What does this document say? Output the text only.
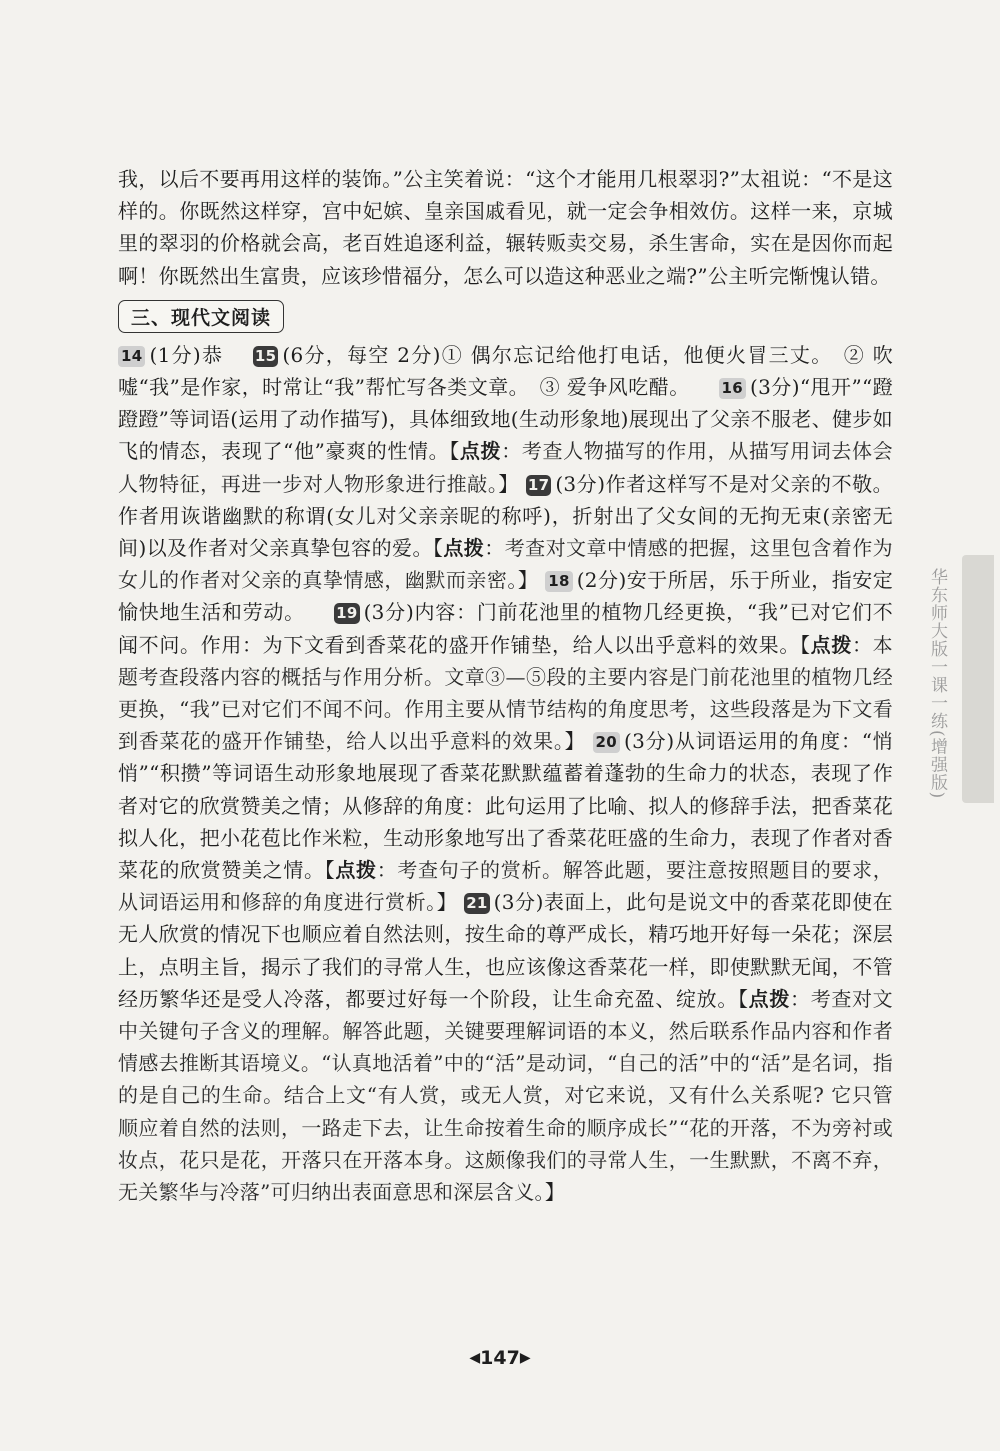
我，以后不要再用这样的装饰。”公主笑着说：“这个才能用几根翠羽?”太祖说：“不是这样的。你既然这样穿，宫中妃嫔、皇亲国戚看见，就一定会争相效仿。这样一来，京城里的翠羽的价格就会高，老百姓追逐利益，辗转贩卖交易，杀生害命，实在是因你而起啊！你既然出生富贵，应该珍惜福分，怎么可以造这种恶业之端?”公主听完惭愧认错。

三、现代文阅读

14 (1分)恭 15 (6分，每空 2分)① 偶尔忘记给他打电话，他便火冒三丈。　② 吹嘘“我”是作家，时常让“我”帮忙写各类文章。　③ 爱争风吃醋。 16 (3分)“甩开”“蹬蹬蹬”等词语(运用了动作描写)，具体细致地(生动形象地)展现出了父亲不服老、健步如飞的情态，表现了“他”豪爽的性情。【点拨：考查人物描写的作用，从描写用词去体会人物特征，再进一步对人物形象进行推敲。】 17 (3分)作者这样写不是对父亲的不敬。作者用诙谐幽默的称谓(女儿对父亲亲昵的称呼)，折射出了父女间的无拘无束(亲密无间)以及作者对父亲真挚包容的爱。【点拨：考查对文章中情感的把握，这里包含着作为女儿的作者对父亲的真挚情感，幽默而亲密。】 18 (2分)安于所居，乐于所业，指安定愉快地生活和劳动。 19 (3分)内容：门前花池里的植物几经更换，“我”已对它们不闻不问。作用：为下文看到香菜花的盛开作铺垫，给人以出乎意料的效果。【点拨：本题考查段落内容的概括与作用分析。文章③—⑤段的主要内容是门前花池里的植物几经更换，“我”已对它们不闻不问。作用主要从情节结构的角度思考，这些段落是为下文看到香菜花的盛开作铺垫，给人以出乎意料的效果。】 20 (3分)从词语运用的角度：“悄悄”“积攒”等词语生动形象地展现了香菜花默默蕴蓄着蓬勃的生命力的状态，表现了作者对它的欣赏赞美之情；从修辞的角度：此句运用了比喻、拟人的修辞手法，把香菜花拟人化，把小花苞比作米粒，生动形象地写出了香菜花旺盛的生命力，表现了作者对香菜花的欣赏赞美之情。【点拨：考查句子的赏析。解答此题，要注意按照题目的要求，从词语运用和修辞的角度进行赏析。】 21 (3分)表面上，此句是说文中的香菜花即使在无人欣赏的情况下也顺应着自然法则，按生命的尊严成长，精巧地开好每一朵花；深层上，点明主旨，揭示了我们的寻常人生，也应该像这香菜花一样，即使默默无闻，不管经历繁华还是受人冷落，都要过好每一个阶段，让生命充盈、绽放。【点拨：考查对文中关键句子含义的理解。解答此题，关键要理解词语的本义，然后联系作品内容和作者情感去推断其语境义。“认真地活着”中的“活”是动词，“自己的活”中的“活”是名词，指的是自己的生命。结合上文“有人赏，或无人赏，对它来说，又有什么关系呢? 它只管顺应着自然的法则，一路走下去，让生命按着生命的顺序成长”“花的开落，不为旁衬或妆点，花只是花，开落只在开落本身。这颇像我们的寻常人生，一生默默，不离不弃，无关繁华与冷落”可归纳出表面意思和深层含义。】

华东师大版一课一练(增强版)
◀147▶
